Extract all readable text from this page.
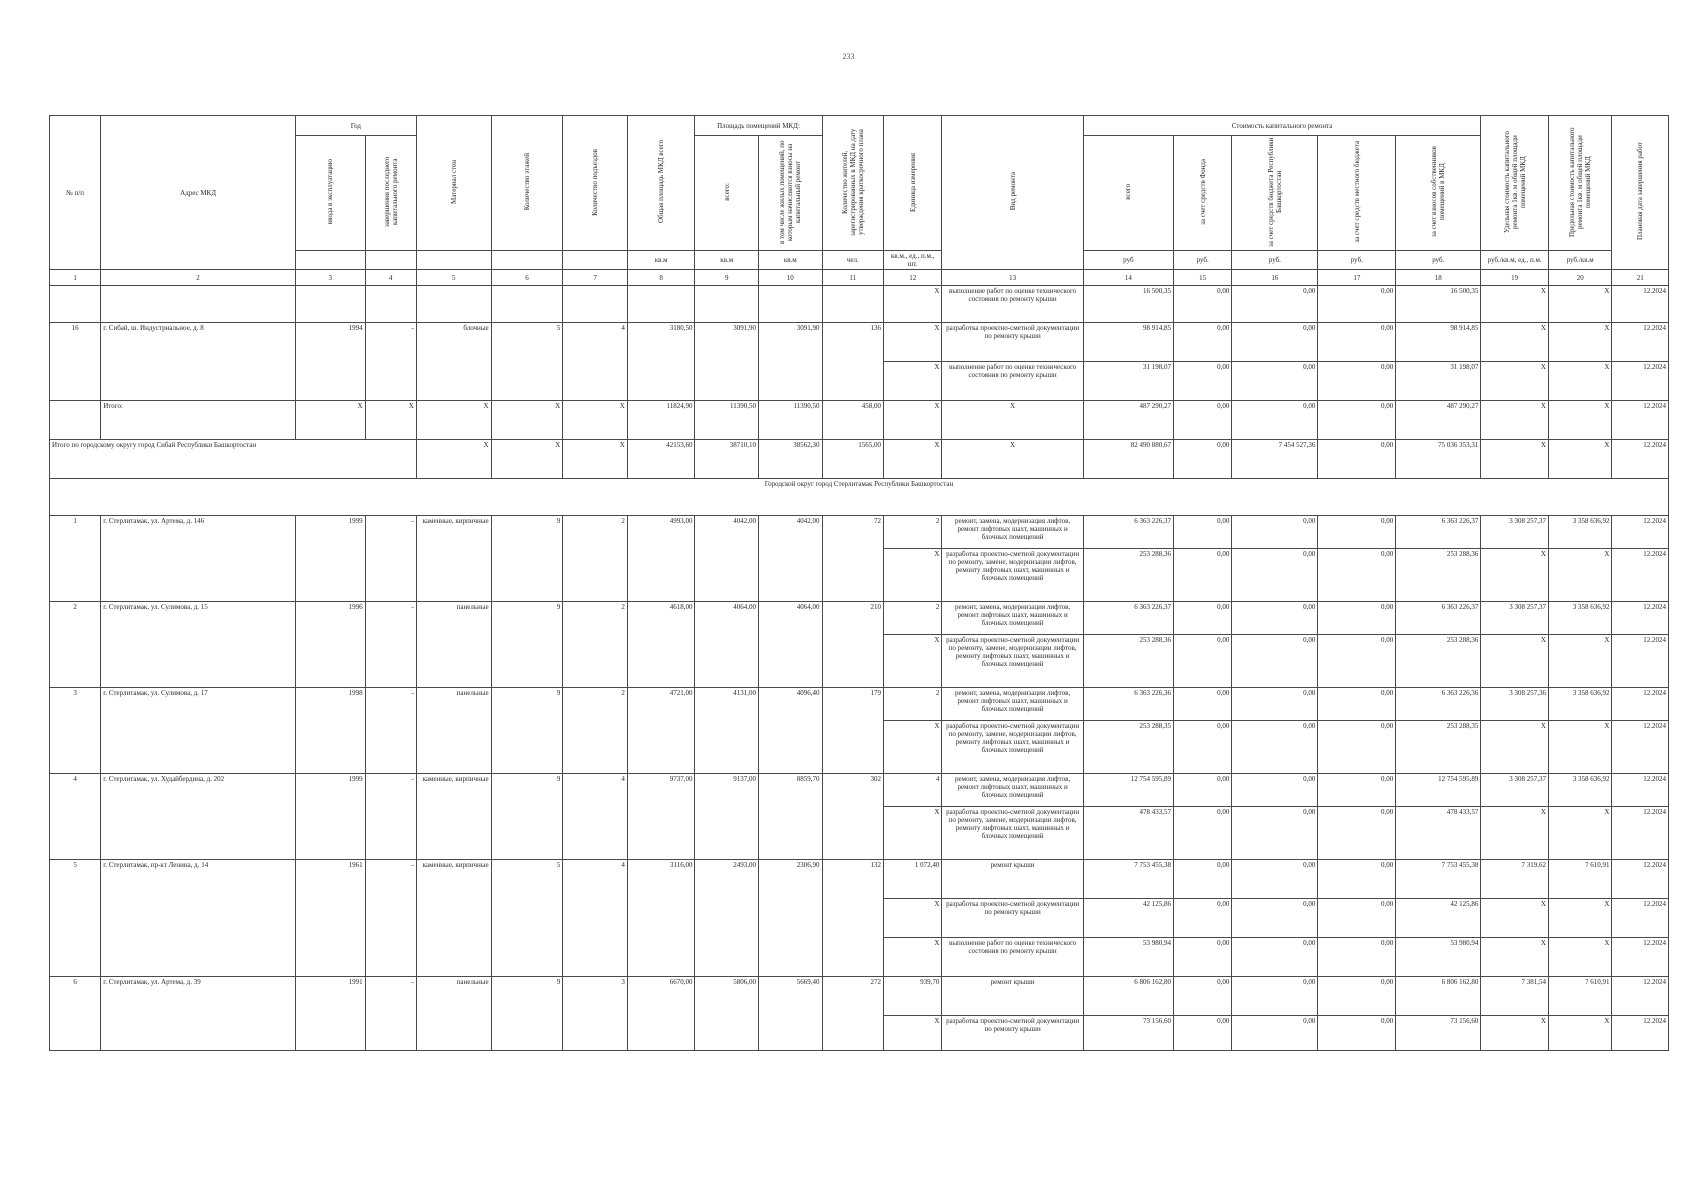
233
№ п/п	Адрес МКД	Год		Материал стен	Количество этажей	Количество подъездов	Общая площадь МКД всего	Площадь помещений МКД:		Количество жителей, зарегистрированных в МКД на дату утверждения краткосрочного плана	Единица измерения	Вид ремонта	Стоимость капитального ремонта					Удельная стоимость капитального ремонта 1кв. м общей площади помещений МКД	Предельная стоимость капитального ремонта 1кв. м общей площади помещений МКД	Плановая дата завершения работ
		ввода в эксплуатацию	завершения последнего капитального ремонта					всего:	в том числе жилых помещений, по которым начисляются взносы на капитальный ремонт				всего	за счет средств Фонда	за счет средств бюджета Республики Башкортостан	за счет средств местного бюджета	за счет взносов собственников помещений в МКД			
							кв.м	кв.м	кв.м	чел.	кв.м., ед., п.м., шт.		руб	руб.	руб.	руб.	руб.	руб./кв.м, ед., п.м.	руб./кв.м	
1	2	3	4	5	6	7	8	9	10	11	12	13	14	15	16	17	18	19	20	21
											X	выполнение работ по оценке технического состояния по ремонту крыши	16 500,35	0,00	0,00	0,00	16 500,35	X	X	12.2024
16	г. Сибай, ш. Индустриальное, д. 8	1994	-	блочные	5	4	3180,50	3091,90	3091,90	136	X	разработка проектно-сметной документации по ремонту крыши	98 914,85	0,00	0,00	0,00	98 914,85	X	X	12.2024
											X	выполнение работ по оценке технического состояния по ремонту крыши	31 198,07	0,00	0,00	0,00	31 198,07	X	X	12.2024
	Итого:	X	X	X	X	X	11824,90	11390,50	11390,50	458,00	X	X	487 290,27	0,00	0,00	0,00	487 290,27	X	X	12.2024
Итого по городскому округу город Сибай Республики Башкортостан				X	X	X	42153,60	38710,10	38562,30	1565,00	X	X	82 490 880,67	0,00	7 454 527,36	0,00	75 036 353,31	X	X	12.2024
Городской округ город Стерлитамак Республики Башкортостан																				
1	г. Стерлитамак, ул. Артема, д. 146	1999	-	каменные, кирпичные	9	2	4993,00	4042,00	4042,00	72	2	ремонт, замена, модернизация лифтов, ремонт лифтовых шахт, машинных и блочных помещений	6 363 226,37	0,00	0,00	0,00	6 363 226,37	3 308 257,37	3 358 636,92	12.2024
											X	разработка проектно-сметной документации по ремонту, замене, модернизации лифтов, ремонту лифтовых шахт, машинных и блочных помещений	253 288,36	0,00	0,00	0,00	253 288,36	X	X	12.2024
2	г. Стерлитамак, ул. Сулимова, д. 15	1996	-	панельные	9	2	4618,00	4064,00	4064,00	210	2	ремонт, замена, модернизация лифтов, ремонт лифтовых шахт, машинных и блочных помещений	6 363 226,37	0,00	0,00	0,00	6 363 226,37	3 308 257,37	3 358 636,92	12.2024
											X	разработка проектно-сметной документации по ремонту, замене, модернизации лифтов, ремонту лифтовых шахт, машинных и блочных помещений	253 288,36	0,00	0,00	0,00	253 288,36	X	X	12.2024
3	г. Стерлитамак, ул. Сулимова, д. 17	1998	-	панельные	9	2	4721,00	4131,00	4096,40	179	2	ремонт, замена, модернизация лифтов, ремонт лифтовых шахт, машинных и блочных помещений	6 363 226,36	0,00	0,00	0,00	6 363 226,36	3 308 257,36	3 358 636,92	12.2024
											X	разработка проектно-сметной документации по ремонту, замене, модернизации лифтов, ремонту лифтовых шахт, машинных и блочных помещений	253 288,35	0,00	0,00	0,00	253 288,35	X	X	12.2024
4	г. Стерлитамак, ул. Худайбердина, д. 202	1999	-	каменные, кирпичные	9	4	9737,00	9137,00	8859,70	302	4	ремонт, замена, модернизация лифтов, ремонт лифтовых шахт, машинных и блочных помещений	12 754 595,89	0,00	0,00	0,00	12 754 595,89	3 308 257,37	3 358 636,92	12.2024
											X	разработка проектно-сметной документации по ремонту, замене, модернизации лифтов, ремонту лифтовых шахт, машинных и блочных помещений	478 433,57	0,00	0,00	0,00	478 433,57	X	X	12.2024
5	г. Стерлитамак, пр-кт Ленина, д. 14	1961	-	каменные, кирпичные	5	4	3116,00	2493,00	2306,90	132	1 072,40	ремонт крыши	7 753 455,38	0,00	0,00	0,00	7 753 455,38	7 319,62	7 610,91	12.2024
											X	разработка проектно-сметной документации по ремонту крыши	42 125,86	0,00	0,00	0,00	42 125,86	X	X	12.2024
											X	выполнение работ по оценке технического состояния по ремонту крыши	53 980,94	0,00	0,00	0,00	53 980,94	X	X	12.2024
6	г. Стерлитамак, ул. Артема, д. 39	1991	-	панельные	9	3	6670,00	5806,00	5669,40	272	939,70	ремонт крыши	6 806 162,80	0,00	0,00	0,00	6 806 162,80	7 381,54	7 610,91	12.2024
											X	разработка проектно-сметной документации по ремонту крыши	73 156,60	0,00	0,00	0,00	73 156,60	X	X	12.2024
